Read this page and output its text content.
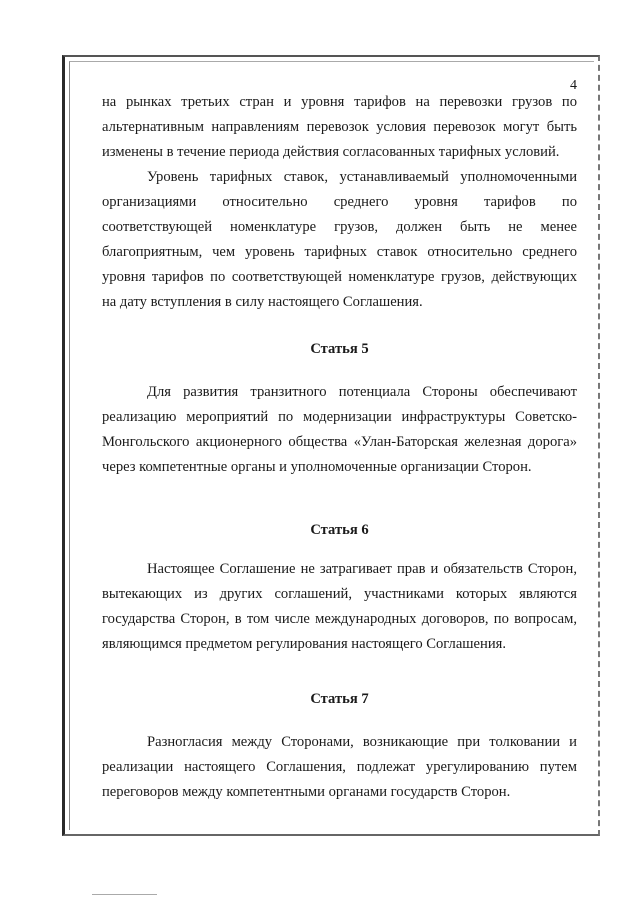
4

на рынках третьих стран и уровня тарифов на перевозки грузов по альтернативным направлениям перевозок условия перевозок могут быть изменены в течение периода действия согласованных тарифных условий.

Уровень тарифных ставок, устанавливаемый уполномоченными организациями относительно среднего уровня тарифов по соответствующей номенклатуре грузов, должен быть не менее благоприятным, чем уровень тарифных ставок относительно среднего уровня тарифов по соответствующей номенклатуре грузов, действующих на дату вступления в силу настоящего Соглашения.

Статья 5

Для развития транзитного потенциала Стороны обеспечивают реализацию мероприятий по модернизации инфраструктуры Советско-Монгольского акционерного общества «Улан-Баторская железная дорога» через компетентные органы и уполномоченные организации Сторон.

Статья 6

Настоящее Соглашение не затрагивает прав и обязательств Сторон, вытекающих из других соглашений, участниками которых являются государства Сторон, в том числе международных договоров, по вопросам, являющимся предметом регулирования настоящего Соглашения.

Статья 7

Разногласия между Сторонами, возникающие при толковании и реализации настоящего Соглашения, подлежат урегулированию путем переговоров между компетентными органами государств Сторон.
